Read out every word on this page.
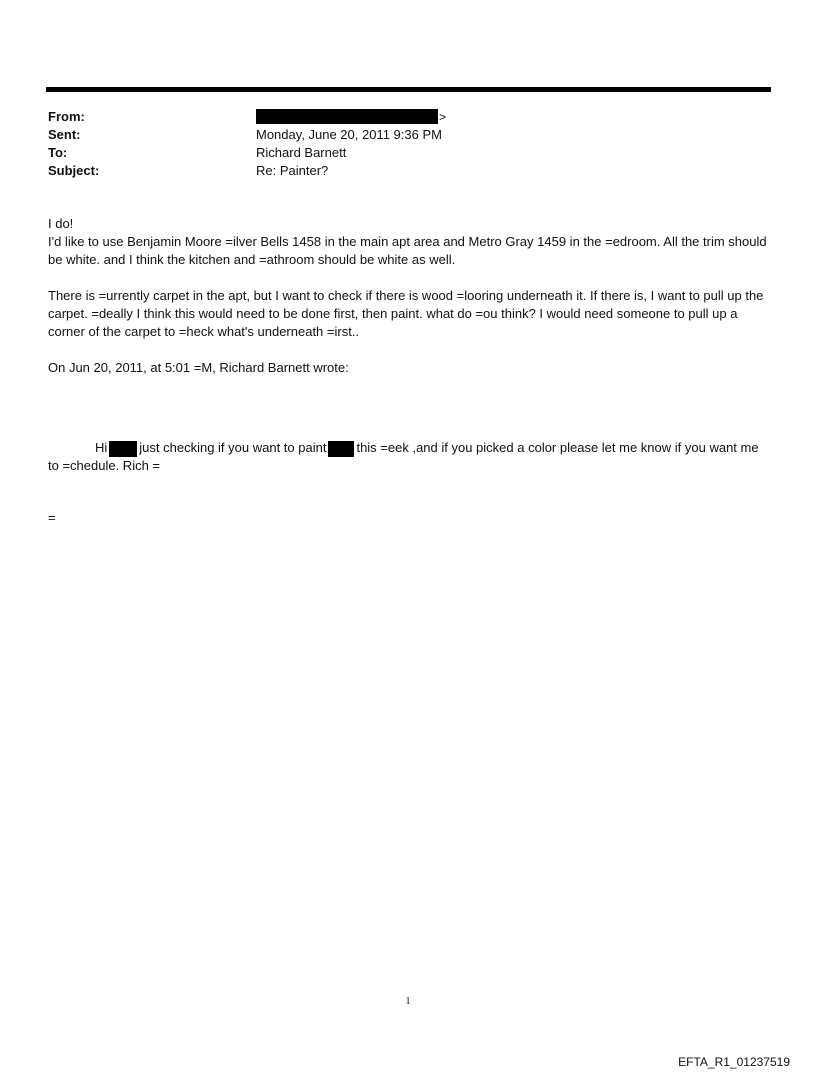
From:	>
Sent:	Monday, June 20, 2011 9:36 PM
To:	Richard Barnett
Subject:	Re: Painter?

I do!

I'd like to use Benjamin Moore =ilver Bells 1458 in the main apt area and Metro Gray 1459 in the =edroom. All the trim should be white. and I think the kitchen and =athroom should be white as well.

There is =urrently carpet in the apt, but I want to check if there is wood =looring underneath it. If there is, I want to pull up the carpet. =deally I think this would need to be done first, then paint. what do =ou think? I would need someone to pull up a corner of the carpet to =heck what's underneath =irst..

On Jun 20, 2011, at 5:01 =M, Richard Barnett wrote:

Hi just checking if you want to paint this =eek ,and if you picked a color please let me know if you want me to =chedule. Rich =

=

1
EFTA_R1_01237519
